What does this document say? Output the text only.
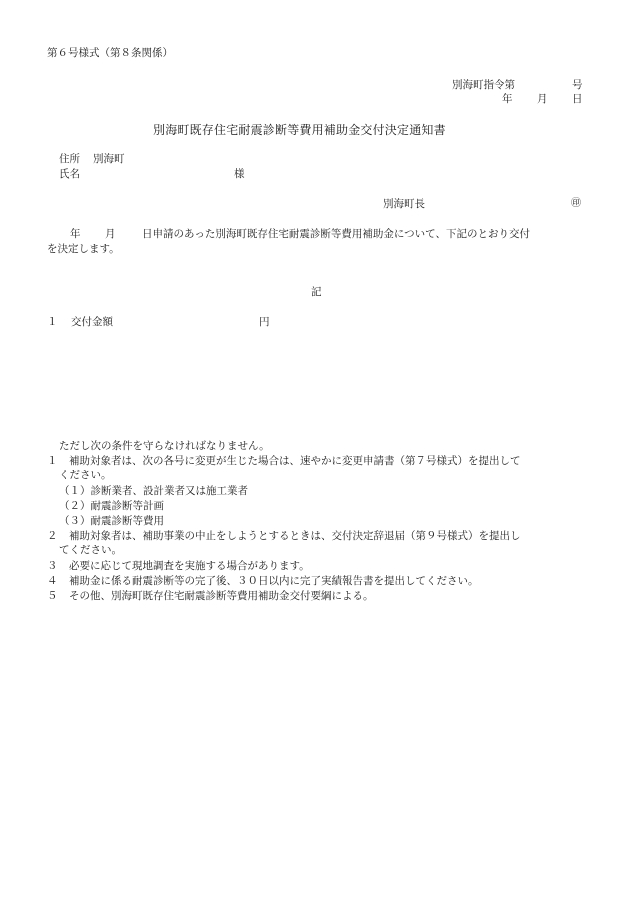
第６号様式（第８条関係）
別海町指令第	号
年 月 日
別海町既存住宅耐震診断等費用補助金交付決定通知書
住所 別海町
氏名	様
別海町長	㊞
年 月	日申請のあった別海町既存住宅耐震診断等費用補助金について、下記のとおり交付
を決定します。
記
１ 交付金額	円
ただし次の条件を守らなければなりません。
１ 補助対象者は、次の各号に変更が生じた場合は、速やかに変更申請書（第７号様式）を提出して
ください。
（１）診断業者、設計業者又は施工業者
（２）耐震診断等計画
（３）耐震診断等費用
２ 補助対象者は、補助事業の中止をしようとするときは、交付決定辞退届（第９号様式）を提出し
てください。
３ 必要に応じて現地調査を実施する場合があります。
４ 補助金に係る耐震診断等の完了後、３０日以内に完了実績報告書を提出してください。
５ その他、別海町既存住宅耐震診断等費用補助金交付要綱による。
